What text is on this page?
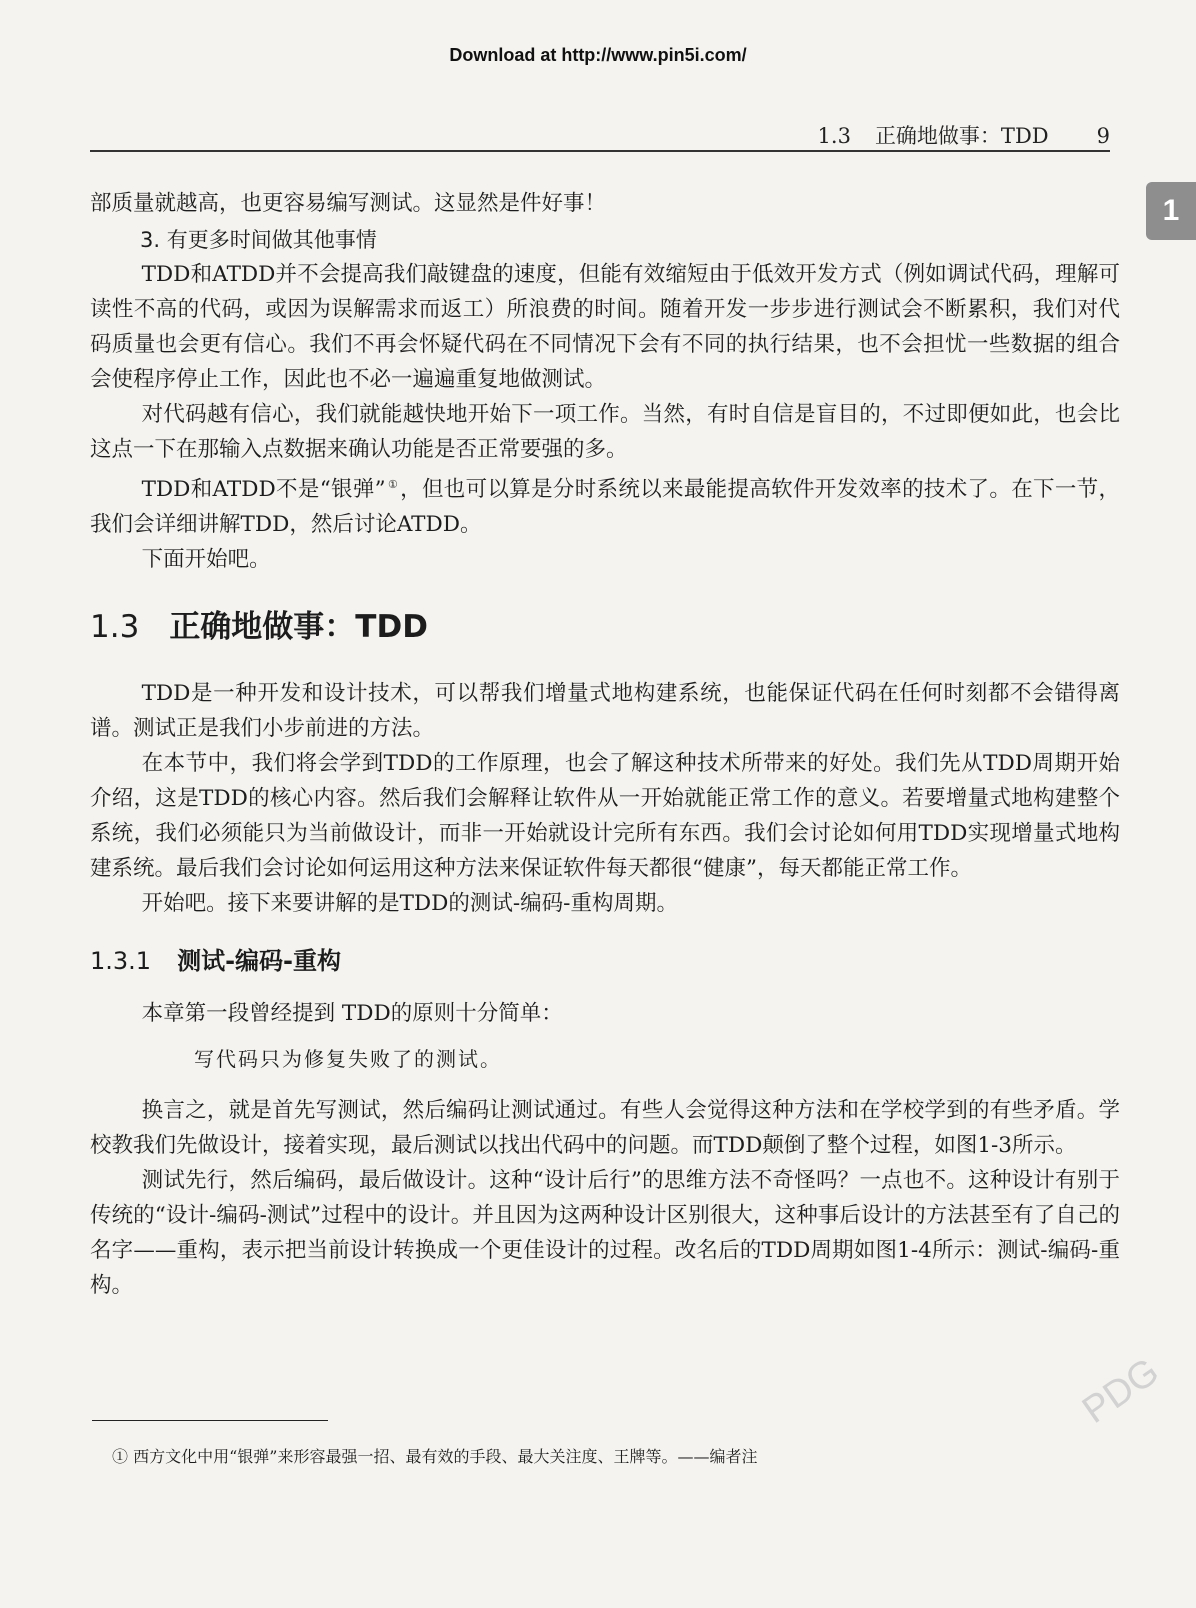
Download at http://www.pin5i.com/
1.3 正确地做事：TDD 9
1

部质量就越高，也更容易编写测试。这显然是件好事！

3. 有更多时间做其他事情

TDD和ATDD并不会提高我们敲键盘的速度，但能有效缩短由于低效开发方式（例如调试代码，理解可读性不高的代码，或因为误解需求而返工）所浪费的时间。随着开发一步步进行测试会不断累积，我们对代码质量也会更有信心。我们不再会怀疑代码在不同情况下会有不同的执行结果，也不会担忧一些数据的组合会使程序停止工作，因此也不必一遍遍重复地做测试。

对代码越有信心，我们就能越快地开始下一项工作。当然，有时自信是盲目的，不过即便如此，也会比这点一下在那输入点数据来确认功能是否正常要强的多。

TDD和ATDD不是“银弹” ①，但也可以算是分时系统以来最能提高软件开发效率的技术了。在下一节，我们会详细讲解TDD，然后讨论ATDD。

下面开始吧。

1.3 正确地做事：TDD

TDD是一种开发和设计技术，可以帮我们增量式地构建系统，也能保证代码在任何时刻都不会错得离谱。测试正是我们小步前进的方法。

在本节中，我们将会学到TDD的工作原理，也会了解这种技术所带来的好处。我们先从TDD周期开始介绍，这是TDD的核心内容。然后我们会解释让软件从一开始就能正常工作的意义。若要增量式地构建整个系统，我们必须能只为当前做设计，而非一开始就设计完所有东西。我们会讨论如何用TDD实现增量式地构建系统。最后我们会讨论如何运用这种方法来保证软件每天都很“健康”，每天都能正常工作。

开始吧。接下来要讲解的是TDD的测试-编码-重构周期。

1.3.1 测试-编码-重构

本章第一段曾经提到 TDD的原则十分简单：

写代码只为修复失败了的测试。

换言之，就是首先写测试，然后编码让测试通过。有些人会觉得这种方法和在学校学到的有些矛盾。学校教我们先做设计，接着实现，最后测试以找出代码中的问题。而TDD颠倒了整个过程，如图1-3所示。

测试先行，然后编码，最后做设计。这种“设计后行”的思维方法不奇怪吗？一点也不。这种设计有别于传统的“设计-编码-测试”过程中的设计。并且因为这两种设计区别很大，这种事后设计的方法甚至有了自己的名字——重构，表示把当前设计转换成一个更佳设计的过程。改名后的TDD周期如图1-4所示：测试-编码-重构。

① 西方文化中用“银弹”来形容最强一招、最有效的手段、最大关注度、王牌等。——编者注
PDG
